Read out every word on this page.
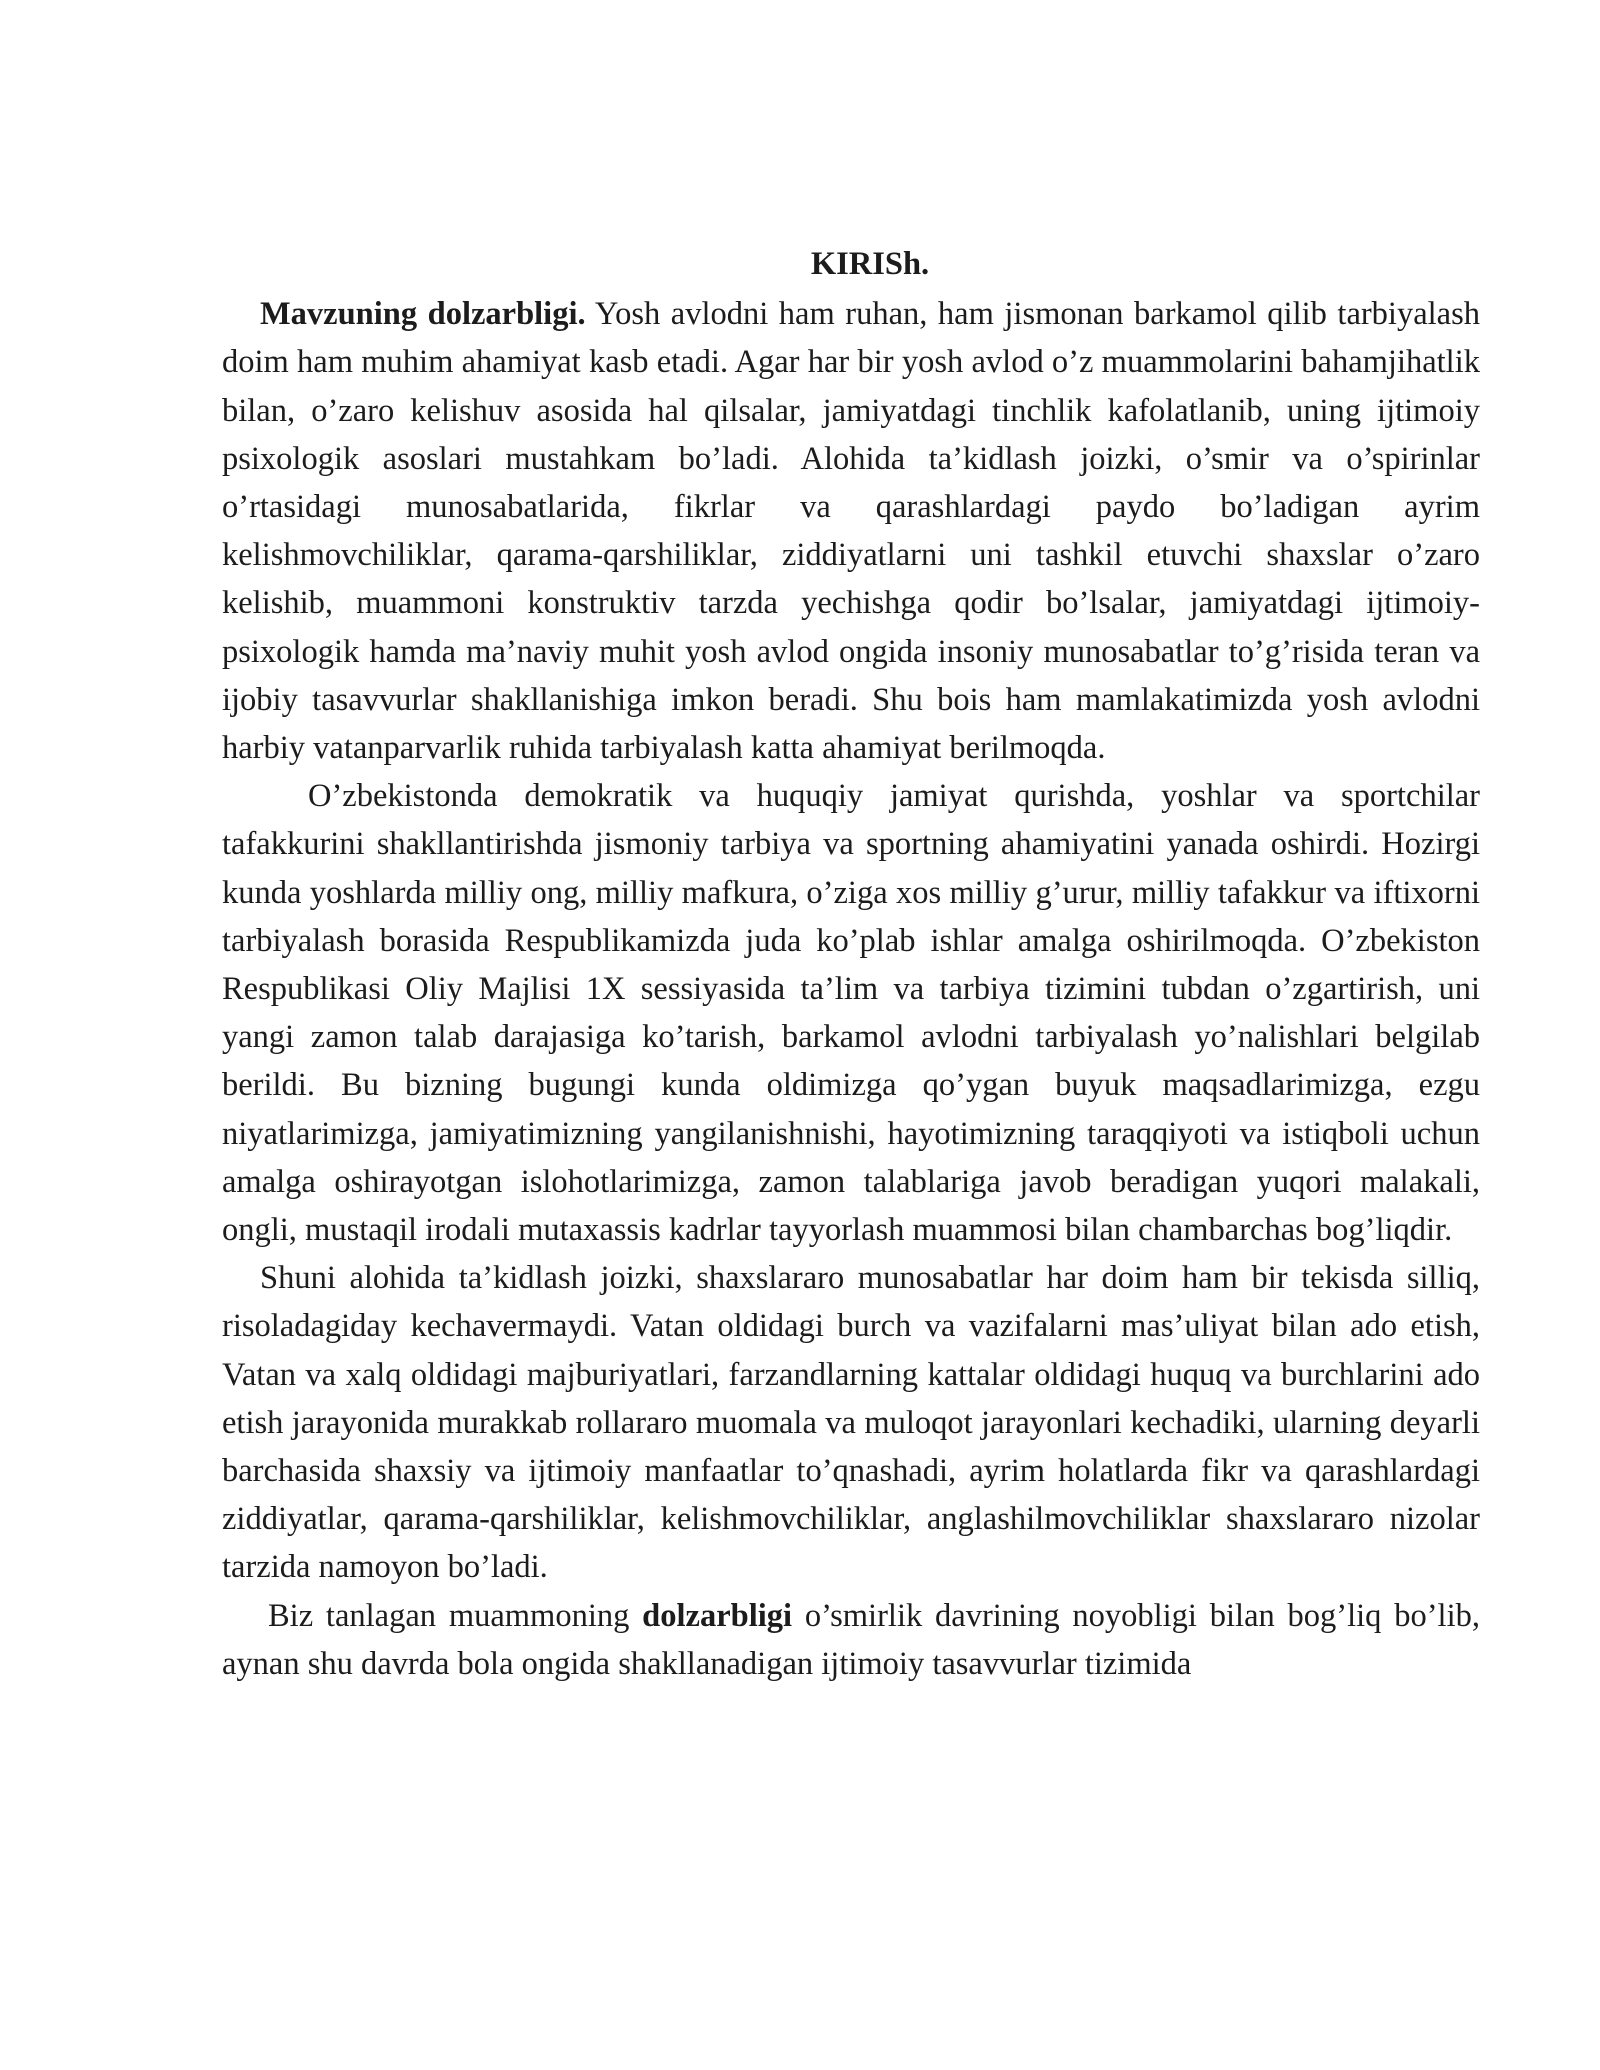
KIRISh.

Mavzuning dolzarbligi. Yosh avlodni ham ruhan, ham jismonan barkamol qilib tarbiyalash doim ham muhim ahamiyat kasb etadi. Agar har bir yosh avlod o’z muammolarini bahamjihatlik bilan, o’zaro kelishuv asosida hal qilsalar, jamiyatdagi tinchlik kafolatlanib, uning ijtimoiy psixologik asoslari mustahkam bo’ladi. Alohida ta’kidlash joizki, o’smir va o’spirinlar o’rtasidagi munosabatlarida, fikrlar va qarashlardagi paydo bo’ladigan ayrim kelishmovchiliklar, qarama-qarshiliklar, ziddiyatlarni uni tashkil etuvchi shaxslar o’zaro kelishib, muammoni konstruktiv tarzda yechishga qodir bo’lsalar, jamiyatdagi ijtimoiy-psixologik hamda ma’naviy muhit yosh avlod ongida insoniy munosabatlar to’g’risida teran va ijobiy tasavvurlar shakllanishiga imkon beradi. Shu bois ham mamlakatimizda yosh avlodni harbiy vatanparvarlik ruhida tarbiyalash katta ahamiyat berilmoqda.

O’zbekistonda demokratik va huquqiy jamiyat qurishda, yoshlar va sportchilar tafakkurini shakllantirishda jismoniy tarbiya va sportning ahamiyatini yanada oshirdi. Hozirgi kunda yoshlarda milliy ong, milliy mafkura, o’ziga xos milliy g’urur, milliy tafakkur va iftixorni tarbiyalash borasida Respublikamizda juda ko’plab ishlar amalga oshirilmoqda. O’zbekiston Respublikasi Oliy Majlisi 1X sessiyasida ta’lim va tarbiya tizimini tubdan o’zgartirish, uni yangi zamon talab darajasiga ko’tarish, barkamol avlodni tarbiyalash yo’nalishlari belgilab berildi. Bu bizning bugungi kunda oldimizga qo’ygan buyuk maqsadlarimizga, ezgu niyatlarimizga, jamiyatimizning yangilanishnishi, hayotimizning taraqqiyoti va istiqboli uchun amalga oshirayotgan islohotlarimizga, zamon talablariga javob beradigan yuqori malakali, ongli, mustaqil irodali mutaxassis kadrlar tayyorlash muammosi bilan chambarchas bog’liqdir.

Shuni alohida ta’kidlash joizki, shaxslararo munosabatlar har doim ham bir tekisda silliq, risoladagiday kechavermaydi. Vatan oldidagi burch va vazifalarni mas’uliyat bilan ado etish, Vatan va xalq oldidagi majburiyatlari, farzandlarning kattalar oldidagi huquq va burchlarini ado etish jarayonida murakkab rollararo muomala va muloqot jarayonlari kechadiki, ularning deyarli barchasida shaxsiy va ijtimoiy manfaatlar to’qnashadi, ayrim holatlarda fikr va qarashlardagi ziddiyatlar, qarama-qarshiliklar, kelishmovchiliklar, anglashilmovchiliklar shaxslararo nizolar tarzida namoyon bo’ladi.

Biz tanlagan muammoning dolzarbligi o’smirlik davrining noyobligi bilan bog’liq bo’lib, aynan shu davrda bola ongida shakllanadigan ijtimoiy tasavvurlar tizimida
